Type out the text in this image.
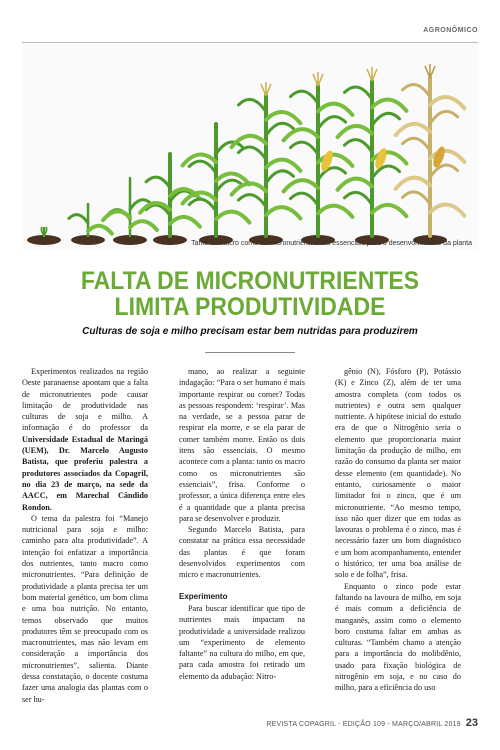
AGRONÔMICO
Tanto os macro como os micronutrientes são essenciais para o desenvolvimento da planta
FALTA DE MICRONUTRIENTES
LIMITA PRODUTIVIDADE
Culturas de soja e milho precisam estar bem nutridas para produzirem

Experimentos realizados na região Oeste paranaense apontam que a falta de micronutrientes pode causar limitação de produtividade nas culturas de soja e milho. A informação é do professor da Universidade Estadual de Maringá (UEM), Dr. Marcelo Augusto Batista, que proferiu palestra a produtores associados da Copagril, no dia 23 de março, na sede da AACC, em Marechal Cândido Rondon.

O tema da palestra foi “Manejo nutricional para soja e milho: caminho para alta produtividade”. A intenção foi enfatizar a importância dos nutrientes, tanto macro como micronutrientes. “Para definição de produtividade a planta precisa ter um bom material genético, um bom clima e uma boa nutrição. No entanto, temos observado que muitos produtores têm se preocupado com os macronutrientes, mas não levam em consideração a importância dos micronutrientes”, salienta. Diante dessa constatação, o docente costuma fazer uma analogia das plantas com o ser hu-

mano, ao realizar a seguinte indagação: “Para o ser humano é mais importante respirar ou comer? Todas as pessoas respondem: ‘respirar’. Mas na verdade, se a pessoa parar de respirar ela morre, e se ela parar de comer também morre. Então os dois itens são essenciais. O mesmo acontece com a planta: tanto os macro como os micronutrientes são essenciais”, frisa. Conforme o professor, a única diferença entre eles é a quantidade que a planta precisa para se desenvolver e produzir.

Segundo Marcelo Batista, para constatar na prática essa necessidade das plantas é que foram desenvolvidos experimentos com micro e macronutrientes.

Experimento

Para buscar identificar que tipo de nutrientes mais impactam na produtividade a universidade realizou um “experimento de elemento faltante” na cultura do milho, em que, para cada amostra foi retirado um elemento da adubação: Nitro-

gênio (N), Fósforo (P), Potássio (K) e Zinco (Z), além de ter uma amostra completa (com todos os nutrientes) e outra sem qualquer nutriente. A hipótese inicial do estudo era de que o Nitrogênio seria o elemento que proporcionaria maior limitação da produção de milho, em razão do consumo da planta ser maior desse elemento (em quantidade). No entanto, curiosamente o maior limitador foi o zinco, que é um micronutriente. “Ao mesmo tempo, isso não quer dizer que em todas as lavouras o problema é o zinco, mas é necessário fazer um bom diagnóstico e um bom acompanhamento, entender o histórico, ter uma boa análise de solo e de folha”, frisa.

Enquanto o zinco pode estar faltando na lavoura de milho, em soja é mais comum a deficiência de manganês, assim como o elemento boro costuma faltar em ambas as culturas. “Também chamo a atenção para a importância do molibdênio, usado para fixação biológica de nitrogênio em soja, e no caso do milho, para a eficiência do uso

REVISTA COPAGRIL - EDIÇÃO 109 - MARÇO/ABRIL 2019 23
